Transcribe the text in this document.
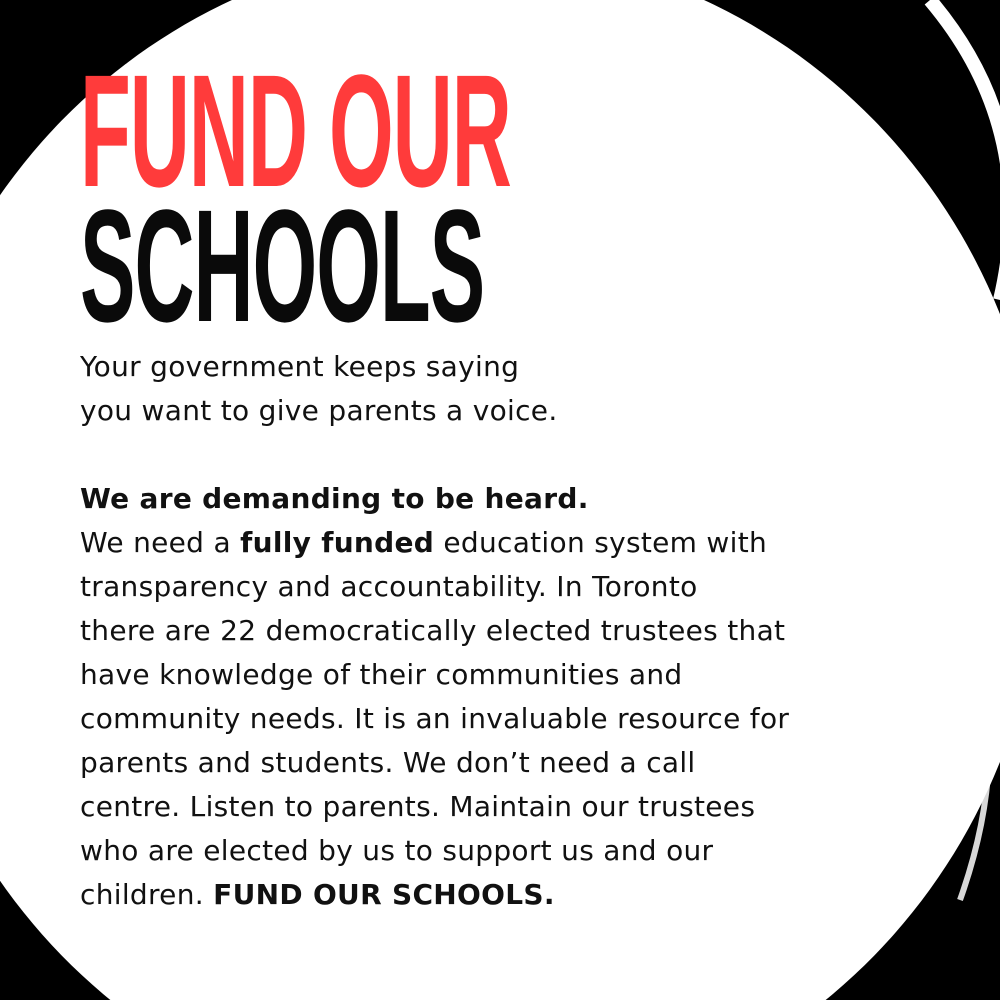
FUND OUR
SCHOOLS
Your government keeps saying
you want to give parents a voice.
We are demanding to be heard.
We need a fully funded education system with
transparency and accountability. In Toronto
there are 22 democratically elected trustees that
have knowledge of their communities and
community needs. It is an invaluable resource for
parents and students. We don’t need a call
centre. Listen to parents. Maintain our trustees
who are elected by us to support us and our
children. FUND OUR SCHOOLS.
